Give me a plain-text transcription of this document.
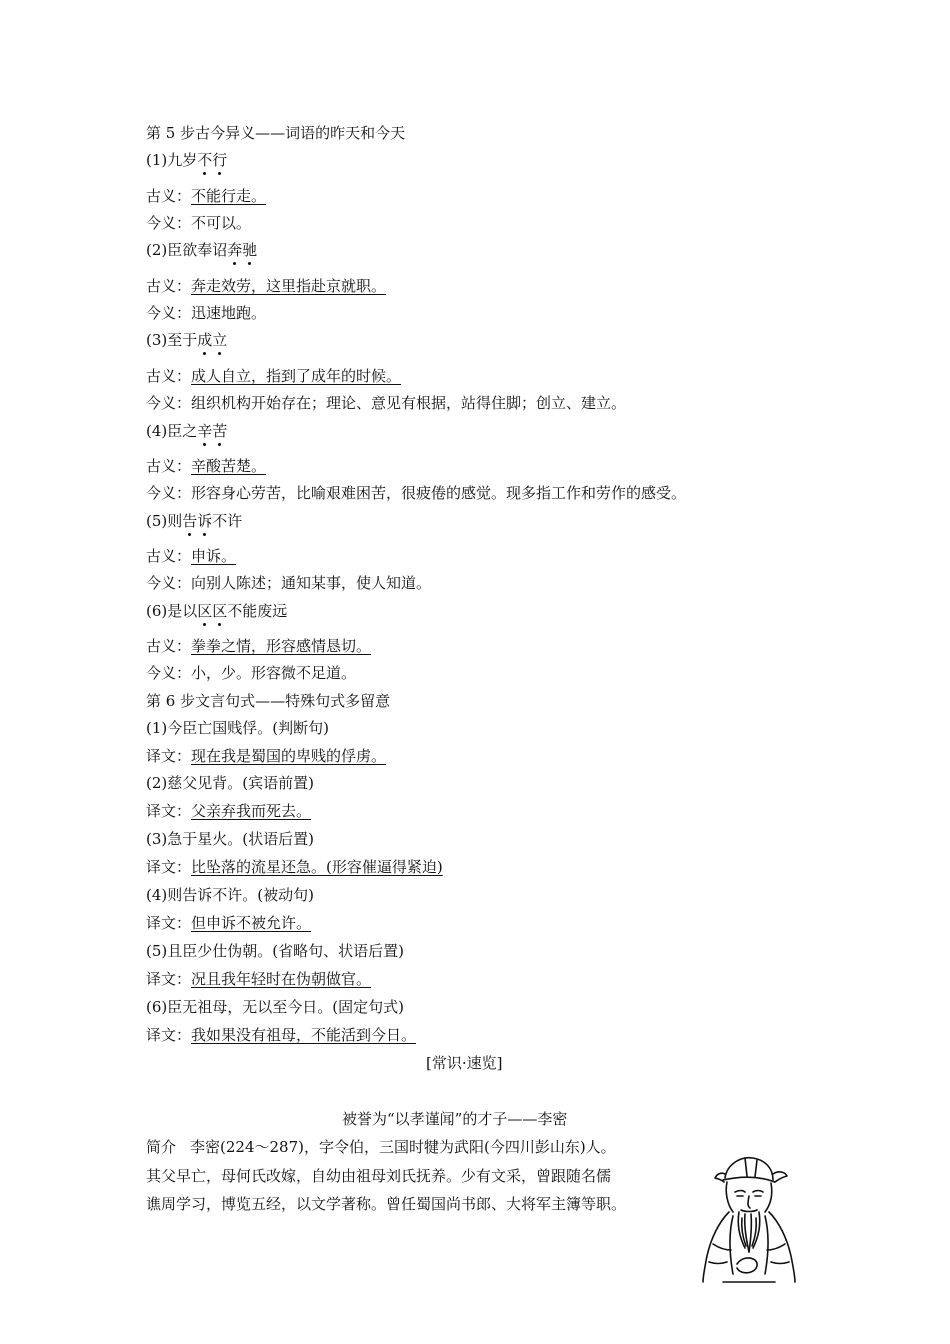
第 5 步古今异义——词语的昨天和今天
(1)九岁不行
古义：不能行走。
今义：不可以。
(2)臣欲奉诏奔驰
古义：奔走效劳，这里指赴京就职。
今义：迅速地跑。
(3)至于成立
古义：成人自立，指到了成年的时候。
今义：组织机构开始存在；理论、意见有根据，站得住脚；创立、建立。
(4)臣之辛苦
古义：辛酸苦楚。
今义：形容身心劳苦，比喻艰难困苦，很疲倦的感觉。现多指工作和劳作的感受。
(5)则告诉不许
古义：申诉。
今义：向别人陈述；通知某事，使人知道。
(6)是以区区不能废远
古义：拳拳之情，形容感情恳切。
今义：小，少。形容微不足道。
第 6 步文言句式——特殊句式多留意
(1)今臣亡国贱俘。(判断句)
译文：现在我是蜀国的卑贱的俘虏。
(2)慈父见背。(宾语前置)
译文：父亲弃我而死去。
(3)急于星火。(状语后置)
译文：比坠落的流星还急。(形容催逼得紧迫)
(4)则告诉不许。(被动句)
译文：但申诉不被允许。
(5)且臣少仕伪朝。(省略句、状语后置)
译文：况且我年轻时在伪朝做官。
(6)臣无祖母，无以至今日。(固定句式)
译文：我如果没有祖母，不能活到今日。
[常识·速览]
被誉为“以孝谨闻”的才子——李密
简介 李密(224～287)，字令伯，三国时犍为武阳(今四川彭山东)人。
其父早亡，母何氏改嫁，自幼由祖母刘氏抚养。少有文采，曾跟随名儒
谯周学习，博览五经，以文学著称。曾任蜀国尚书郎、大将军主簿等职。
